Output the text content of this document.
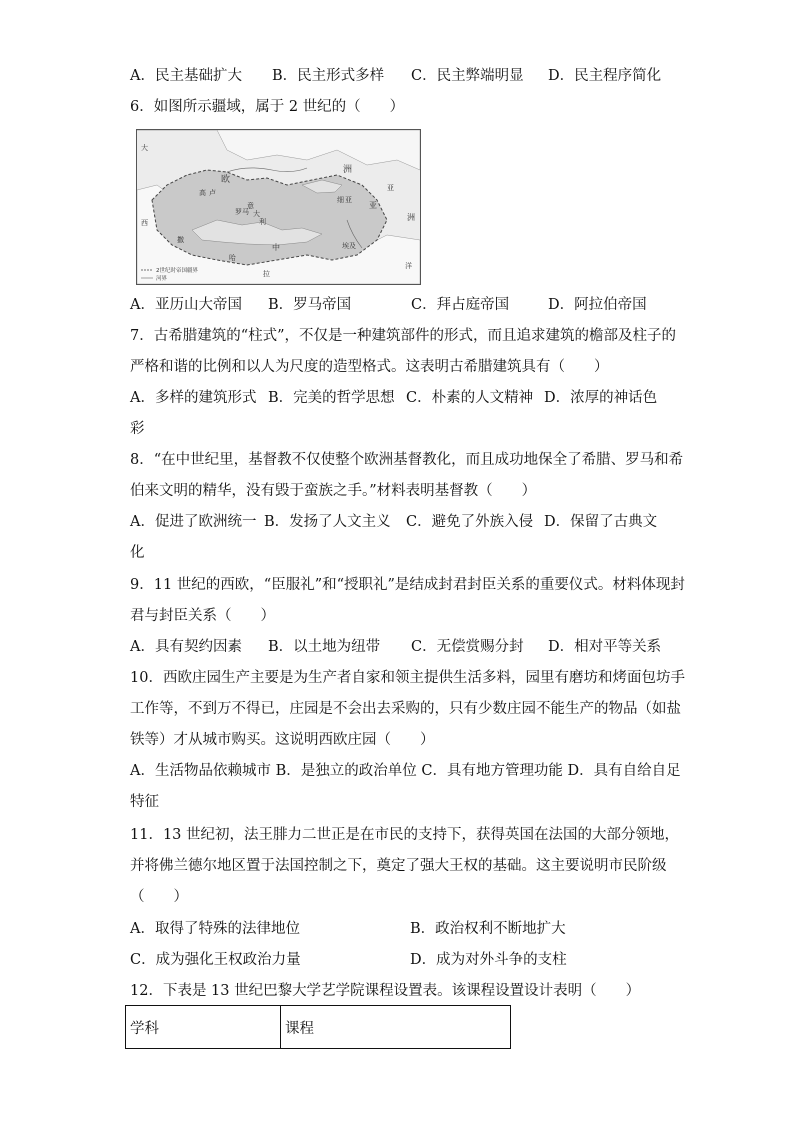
A．民主基础扩大 B．民主形式多样 C．民主弊端明显 D．民主程序简化
6．如图所示疆域，属于 2 世纪的（　　）
大
欧
洲
高 卢
意
大
利
罗马
亚
细 亚
洲
亚
中	埃及
拉
撒
哈
西
洋
2世纪时帝国疆界
河界
A．亚历山大帝国 B．罗马帝国	C．拜占庭帝国	D．阿拉伯帝国
7．古希腊建筑的“柱式”，不仅是一种建筑部件的形式，而且追求建筑的檐部及柱子的
严格和谐的比例和以人为尺度的造型格式。这表明古希腊建筑具有（　　）
A．多样的建筑形式 B．完美的哲学思想 C．朴素的人文精神 D．浓厚的神话色
彩
8．“在中世纪里，基督教不仅使整个欧洲基督教化，而且成功地保全了希腊、罗马和希
伯来文明的精华，没有毁于蛮族之手。”材料表明基督教（　　）
A．促进了欧洲统一 B．发扬了人文主义 C．避免了外族入侵 D．保留了古典文
化
9．11 世纪的西欧，“臣服礼”和“授职礼”是结成封君封臣关系的重要仪式。材料体现封
君与封臣关系（　　）
A．具有契约因素 B．以土地为纽带 C．无偿赏赐分封 D．相对平等关系
10．西欧庄园生产主要是为生产者自家和领主提供生活多料，园里有磨坊和烤面包坊手
工作等，不到万不得已，庄园是不会出去采购的，只有少数庄园不能生产的物品（如盐
铁等）才从城市购买。这说明西欧庄园（　　）
A．生活物品依赖城市 B．是独立的政治单位 C．具有地方管理功能 D．具有自给自足
特征
11．13 世纪初，法王腓力二世正是在市民的支持下，获得英国在法国的大部分领地，
并将佛兰德尔地区置于法国控制之下，奠定了强大王权的基础。这主要说明市民阶级
（　　）
A．取得了特殊的法律地位	B．政治权利不断地扩大
C．成为强化王权政治力量	D．成为对外斗争的支柱
12．下表是 13 世纪巴黎大学艺学院课程设置表。该课程设置设计表明（　　）
学科	课程
